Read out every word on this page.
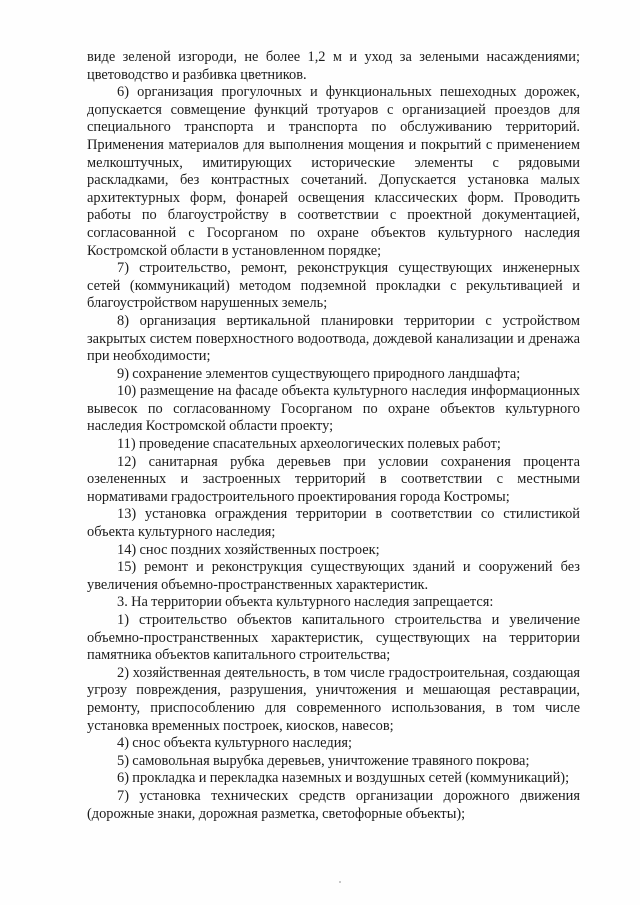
виде зеленой изгороди, не более 1,2 м и уход за зелеными насаждениями; цветоводство и разбивка цветников.

6) организация прогулочных и функциональных пешеходных дорожек, допускается совмещение функций тротуаров с организацией проездов для специального транспорта и транспорта по обслуживанию территорий. Применения материалов для выполнения мощения и покрытий с применением мелкоштучных, имитирующих исторические элементы с рядовыми раскладками, без контрастных сочетаний. Допускается установка малых архитектурных форм, фонарей освещения классических форм. Проводить работы по благоустройству в соответствии с проектной документацией, согласованной с Госорганом по охране объектов культурного наследия Костромской области в установленном порядке;

7) строительство, ремонт, реконструкция существующих инженерных сетей (коммуникаций) методом подземной прокладки с рекультивацией и благоустройством нарушенных земель;

8) организация вертикальной планировки территории с устройством закрытых систем поверхностного водоотвода, дождевой канализации и дренажа при необходимости;

9) сохранение элементов существующего природного ландшафта;

10) размещение на фасаде объекта культурного наследия информационных вывесок по согласованному Госорганом по охране объектов культурного наследия Костромской области проекту;

11) проведение спасательных археологических полевых работ;

12) санитарная рубка деревьев при условии сохранения процента озелененных и застроенных территорий в соответствии с местными нормативами градостроительного проектирования города Костромы;

13) установка ограждения территории в соответствии со стилистикой объекта культурного наследия;

14) снос поздних хозяйственных построек;

15) ремонт и реконструкция существующих зданий и сооружений без увеличения объемно-пространственных характеристик.

3. На территории объекта культурного наследия запрещается:

1) строительство объектов капитального строительства и увеличение объемно-пространственных характеристик, существующих на территории памятника объектов капитального строительства;

2) хозяйственная деятельность, в том числе градостроительная, создающая угрозу повреждения, разрушения, уничтожения и мешающая реставрации, ремонту, приспособлению для современного использования, в том числе установка временных построек, киосков, навесов;

4) снос объекта культурного наследия;

5) самовольная вырубка деревьев, уничтожение травяного покрова;

6) прокладка и перекладка наземных и воздушных сетей (коммуникаций);

7) установка технических средств организации дорожного движения (дорожные знаки, дорожная разметка, светофорные объекты);
